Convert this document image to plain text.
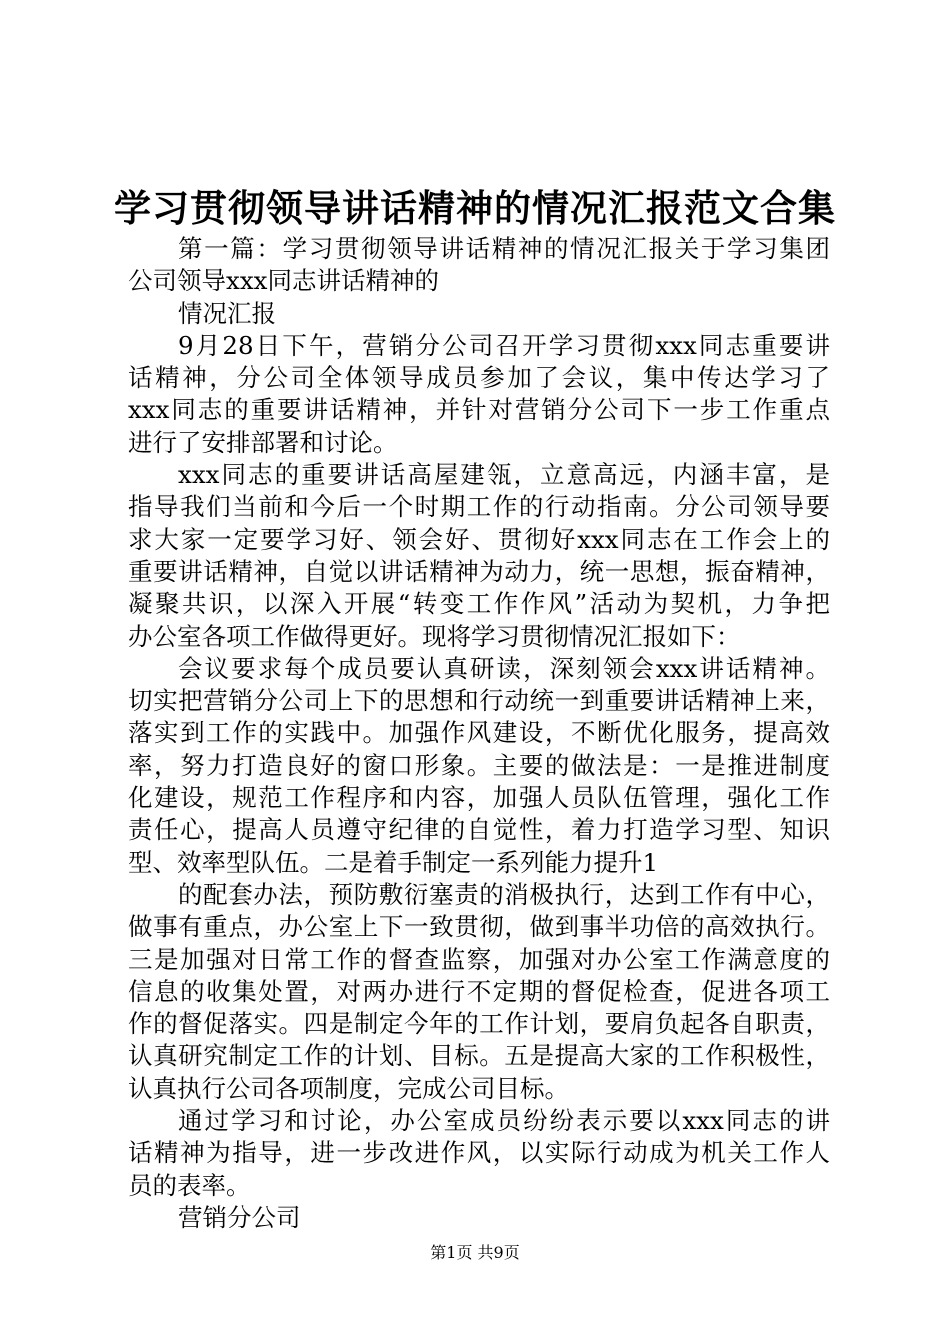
学习贯彻领导讲话精神的情况汇报范文合集
第一篇：学习贯彻领导讲话精神的情况汇报关于学习集团
公司领导xxx同志讲话精神的
情况汇报
9月28日下午，营销分公司召开学习贯彻xxx同志重要讲
话精神，分公司全体领导成员参加了会议，集中传达学习了
xxx同志的重要讲话精神，并针对营销分公司下一步工作重点
进行了安排部署和讨论。
xxx同志的重要讲话高屋建瓴，立意高远，内涵丰富，是
指导我们当前和今后一个时期工作的行动指南。分公司领导要
求大家一定要学习好、领会好、贯彻好xxx同志在工作会上的
重要讲话精神，自觉以讲话精神为动力，统一思想，振奋精神，
凝聚共识，以深入开展“转变工作作风”活动为契机，力争把
办公室各项工作做得更好。现将学习贯彻情况汇报如下：
会议要求每个成员要认真研读，深刻领会xxx讲话精神。
切实把营销分公司上下的思想和行动统一到重要讲话精神上来，
落实到工作的实践中。加强作风建设，不断优化服务，提高效
率，努力打造良好的窗口形象。主要的做法是：一是推进制度
化建设，规范工作程序和内容，加强人员队伍管理，强化工作
责任心，提高人员遵守纪律的自觉性，着力打造学习型、知识
型、效率型队伍。二是着手制定一系列能力提升1
的配套办法，预防敷衍塞责的消极执行，达到工作有中心，
做事有重点，办公室上下一致贯彻，做到事半功倍的高效执行。
三是加强对日常工作的督查监察，加强对办公室工作满意度的
信息的收集处置，对两办进行不定期的督促检查，促进各项工
作的督促落实。四是制定今年的工作计划，要肩负起各自职责，
认真研究制定工作的计划、目标。五是提高大家的工作积极性，
认真执行公司各项制度，完成公司目标。
通过学习和讨论，办公室成员纷纷表示要以xxx同志的讲
话精神为指导，进一步改进作风，以实际行动成为机关工作人
员的表率。
营销分公司
第1页 共9页
